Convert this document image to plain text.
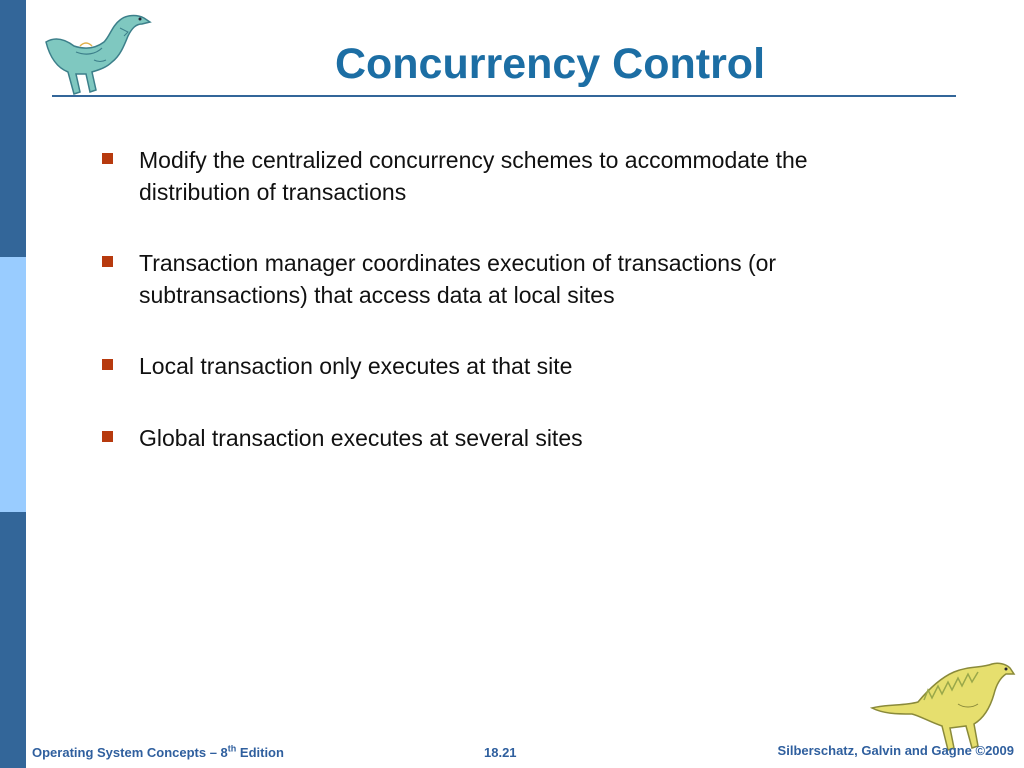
Concurrency Control
Modify the centralized concurrency schemes to accommodate the distribution of transactions
Transaction manager coordinates execution of transactions (or subtransactions) that access data at local sites
Local transaction only executes at that site
Global transaction executes at several sites
Operating System Concepts – 8th Edition	18.21	Silberschatz, Galvin and Gagne ©2009
